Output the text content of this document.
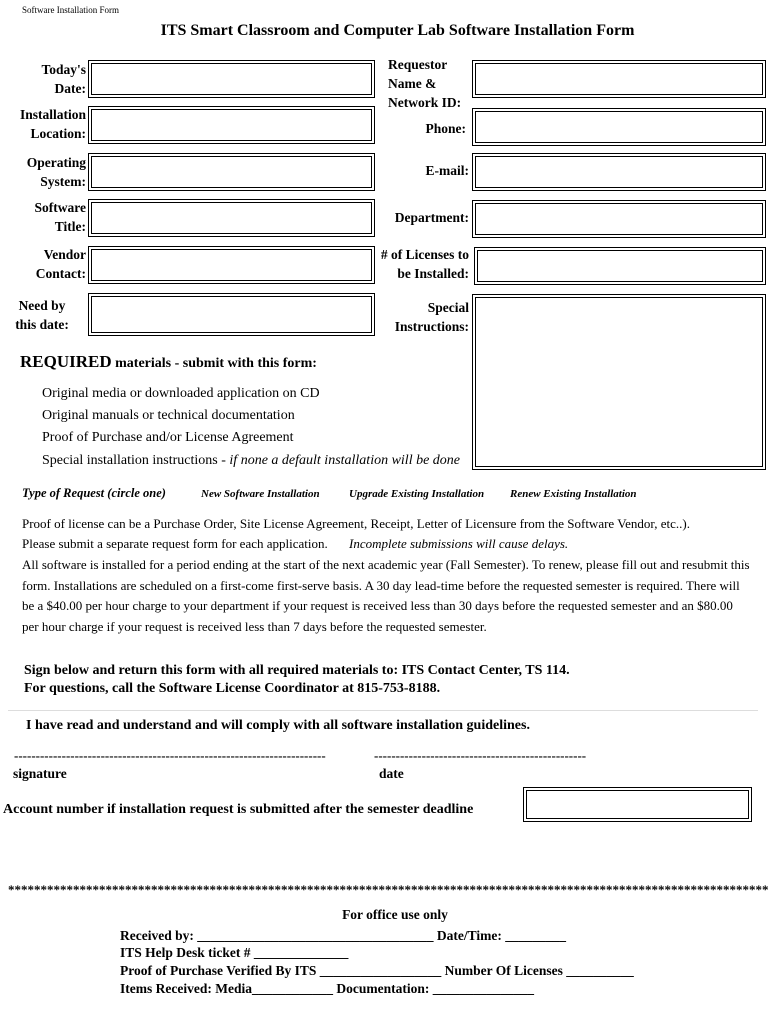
Software Installation Form
ITS Smart Classroom and Computer Lab Software Installation Form
Today's Date:
Installation Location:
Operating System:
Software Title:
Vendor Contact:
Need by this date:
Requestor Name & Network ID:
Phone:
E-mail:
Department:
# of Licenses to be Installed:
Special Instructions:
REQUIRED materials - submit with this form:
Original media or downloaded application on CD
Original manuals or technical documentation
Proof of Purchase and/or License Agreement
Special installation instructions - if none a default installation will be done
Type of Request (circle one)	New Software Installation	Upgrade Existing Installation Renew Existing Installation
Proof of license can be a Purchase Order, Site License Agreement, Receipt, Letter of Licensure from the Software Vendor, etc..).
Please submit a separate request form for each application. Incomplete submissions will cause delays.
All software is installed for a period ending at the start of the next academic year (Fall Semester). To renew, please fill out and resubmit this form. Installations are scheduled on a first-come first-serve basis. A 30 day lead-time before the requested semester is required. There will be a $40.00 per hour charge to your department if your request is received less than 30 days before the requested semester and an $80.00 per hour charge if your request is received less than 7 days before the requested semester.
Sign below and return this form with all required materials to: ITS Contact Center, TS 114.
For questions, call the Software License Coordinator at 815-753-8188.
I have read and understand and will comply with all software installation guidelines.
------------------------------------------------------------------------	-------------------------------------------------
signature	date
Account number if installation request is submitted after the semester deadline
*********************************************************************************************************************
For office use only
Received by: ___________________________________ Date/Time: _________
ITS Help Desk ticket # ______________
Proof of Purchase Verified By ITS __________________ Number Of Licenses __________
Items Received: Media____________ Documentation: _______________
